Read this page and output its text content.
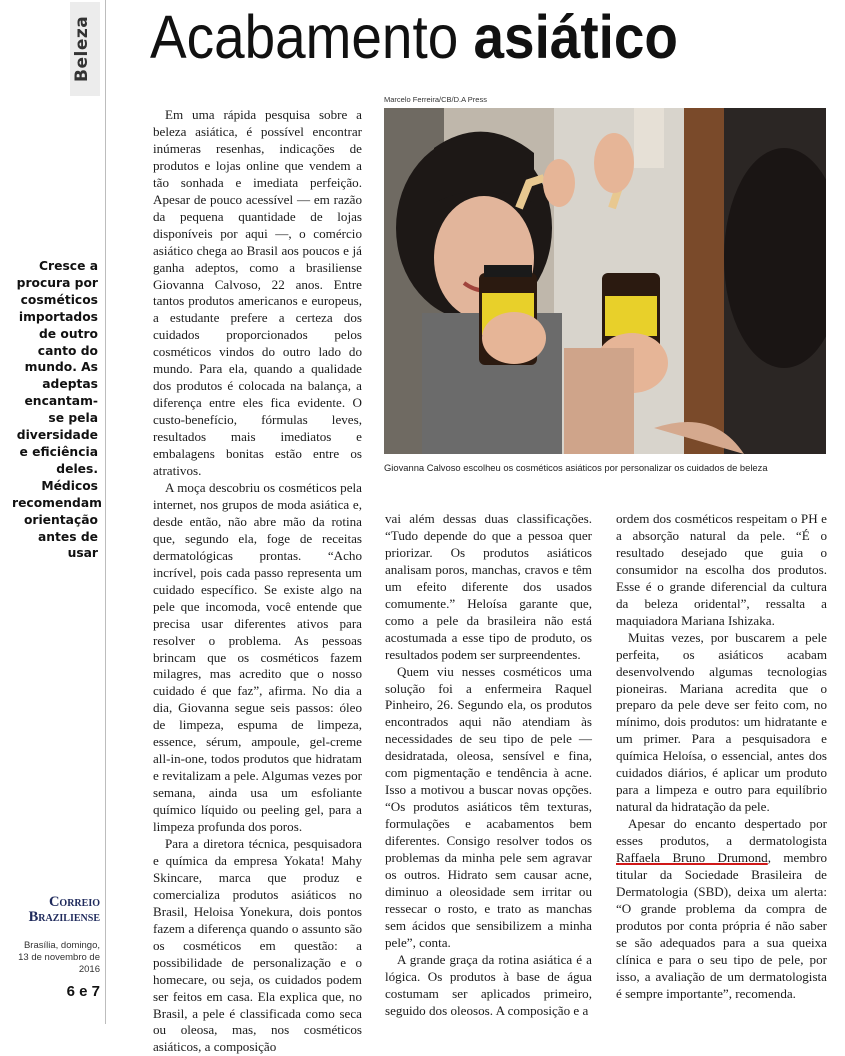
Beleza
Cresce a procura por cosméticos importados de outro canto do mundo. As adeptas encantam-se pela diversidade e eficiência deles. Médicos recomendam orientação antes de usar
Correio
Braziliense
Brasília, domingo,
13 de novembro de 2016
6 e 7
Acabamento asiático

Em uma rápida pesquisa sobre a beleza asiática, é possível encontrar inúmeras resenhas, indicações de produtos e lojas online que vendem a tão sonhada e imediata perfeição. Apesar de pouco acessível — em razão da pequena quantidade de lojas disponíveis por aqui —, o comércio asiático chega ao Brasil aos poucos e já ganha adeptos, como a brasiliense Giovanna Calvoso, 22 anos. Entre tantos produtos americanos e europeus, a estudante prefere a certeza dos cuidados proporcionados pelos cosméticos vindos do outro lado do mundo. Para ela, quando a qualidade dos produtos é colocada na balança, a diferença entre eles fica evidente. O custo-benefício, fórmulas leves, resultados mais imediatos e embalagens bonitas estão entre os atrativos.

A moça descobriu os cosméticos pela internet, nos grupos de moda asiática e, desde então, não abre mão da rotina que, segundo ela, foge de receitas dermatológicas prontas. “Acho incrível, pois cada passo representa um cuidado específico. Se existe algo na pele que incomoda, você entende que precisa usar diferentes ativos para resolver o problema. As pessoas brincam que os cosméticos fazem milagres, mas acredito que o nosso cuidado é que faz”, afirma. No dia a dia, Giovanna segue seis passos: óleo de limpeza, espuma de limpeza, essence, sérum, ampoule, gel-creme all-in-one, todos produtos que hidratam e revitalizam a pele. Algumas vezes por semana, ainda usa um esfoliante químico líquido ou peeling gel, para a limpeza profunda dos poros.

Para a diretora técnica, pesquisadora e química da empresa Yokata! Mahy Skincare, marca que produz e comercializa produtos asiáticos no Brasil, Heloisa Yonekura, dois pontos fazem a diferença quando o assunto são os cosméticos em questão: a possibilidade de personalização e o homecare, ou seja, os cuidados podem ser feitos em casa. Ela explica que, no Brasil, a pele é classificada como seca ou oleosa, mas, nos cosméticos asiáticos, a composição

Marcelo Ferreira/CB/D.A Press
Giovanna Calvoso escolheu os cosméticos asiáticos por personalizar os cuidados de beleza

vai além dessas duas classificações. “Tudo depende do que a pessoa quer priorizar. Os produtos asiáticos analisam poros, manchas, cravos e têm um efeito diferente dos usados comumente.” Heloísa garante que, como a pele da brasileira não está acostumada a esse tipo de produto, os resultados podem ser surpreendentes.

Quem viu nesses cosméticos uma solução foi a enfermeira Raquel Pinheiro, 26. Segundo ela, os produtos encontrados aqui não atendiam às necessidades de seu tipo de pele — desidratada, oleosa, sensível e fina, com pigmentação e tendência à acne. Isso a motivou a buscar novas opções. “Os produtos asiáticos têm texturas, formulações e acabamentos bem diferentes. Consigo resolver todos os problemas da minha pele sem agravar os outros. Hidrato sem causar acne, diminuo a oleosidade sem irritar ou ressecar o rosto, e trato as manchas sem ácidos que sensibilizem a minha pele”, conta.

A grande graça da rotina asiática é a lógica. Os produtos à base de água costumam ser aplicados primeiro, seguido dos oleosos. A composição e a

ordem dos cosméticos respeitam o PH e a absorção natural da pele. “É o resultado desejado que guia o consumidor na escolha dos produtos. Esse é o grande diferencial da cultura da beleza oridental”, ressalta a maquiadora Mariana Ishizaka.

Muitas vezes, por buscarem a pele perfeita, os asiáticos acabam desenvolvendo algumas tecnologias pioneiras. Mariana acredita que o preparo da pele deve ser feito com, no mínimo, dois produtos: um hidratante e um primer. Para a pesquisadora e química Heloísa, o essencial, antes dos cuidados diários, é aplicar um produto para a limpeza e outro para equilíbrio natural da hidratação da pele.

Apesar do encanto despertado por esses produtos, a dermatologista Raffaela Bruno Drumond, membro titular da Sociedade Brasileira de Dermatologia (SBD), deixa um alerta: “O grande problema da compra de produtos por conta própria é não saber se são adequados para a sua queixa clínica e para o seu tipo de pele, por isso, a avaliação de um dermatologista é sempre importante”, recomenda.
